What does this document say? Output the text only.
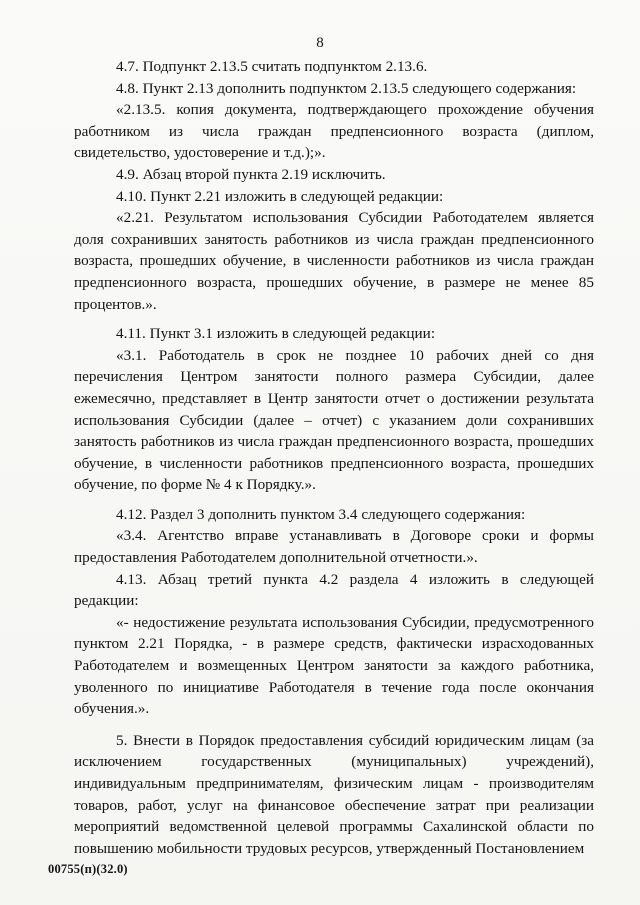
8

4.7. Подпункт 2.13.5 считать подпунктом 2.13.6.

4.8. Пункт 2.13 дополнить подпунктом 2.13.5 следующего содержания:

«2.13.5. копия документа, подтверждающего прохождение обучения работником из числа граждан предпенсионного возраста (диплом, свидетельство, удостоверение и т.д.);».

4.9. Абзац второй пункта 2.19 исключить.

4.10. Пункт 2.21 изложить в следующей редакции:

«2.21. Результатом использования Субсидии Работодателем является доля сохранивших занятость работников из числа граждан предпенсионного возраста, прошедших обучение, в численности работников из числа граждан предпенсионного возраста, прошедших обучение, в размере не менее 85 процентов.».

4.11. Пункт 3.1 изложить в следующей редакции:

«3.1. Работодатель в срок не позднее 10 рабочих дней со дня перечисления Центром занятости полного размера Субсидии, далее ежемесячно, представляет в Центр занятости отчет о достижении результата использования Субсидии (далее – отчет) с указанием доли сохранивших занятость работников из числа граждан предпенсионного возраста, прошедших обучение, в численности работников предпенсионного возраста, прошедших обучение, по форме № 4 к Порядку.».

4.12. Раздел 3 дополнить пунктом 3.4 следующего содержания:

«3.4. Агентство вправе устанавливать в Договоре сроки и формы предоставления Работодателем дополнительной отчетности.».

4.13. Абзац третий пункта 4.2 раздела 4 изложить в следующей редакции:

«- недостижение результата использования Субсидии, предусмотренного пунктом 2.21 Порядка, - в размере средств, фактически израсходованных Работодателем и возмещенных Центром занятости за каждого работника, уволенного по инициативе Работодателя в течение года после окончания обучения.».

5. Внести в Порядок предоставления субсидий юридическим лицам (за исключением государственных (муниципальных) учреждений), индивидуальным предпринимателям, физическим лицам - производителям товаров, работ, услуг на финансовое обеспечение затрат при реализации мероприятий ведомственной целевой программы Сахалинской области по повышению мобильности трудовых ресурсов, утвержденный Постановлением

00755(п)(32.0)
